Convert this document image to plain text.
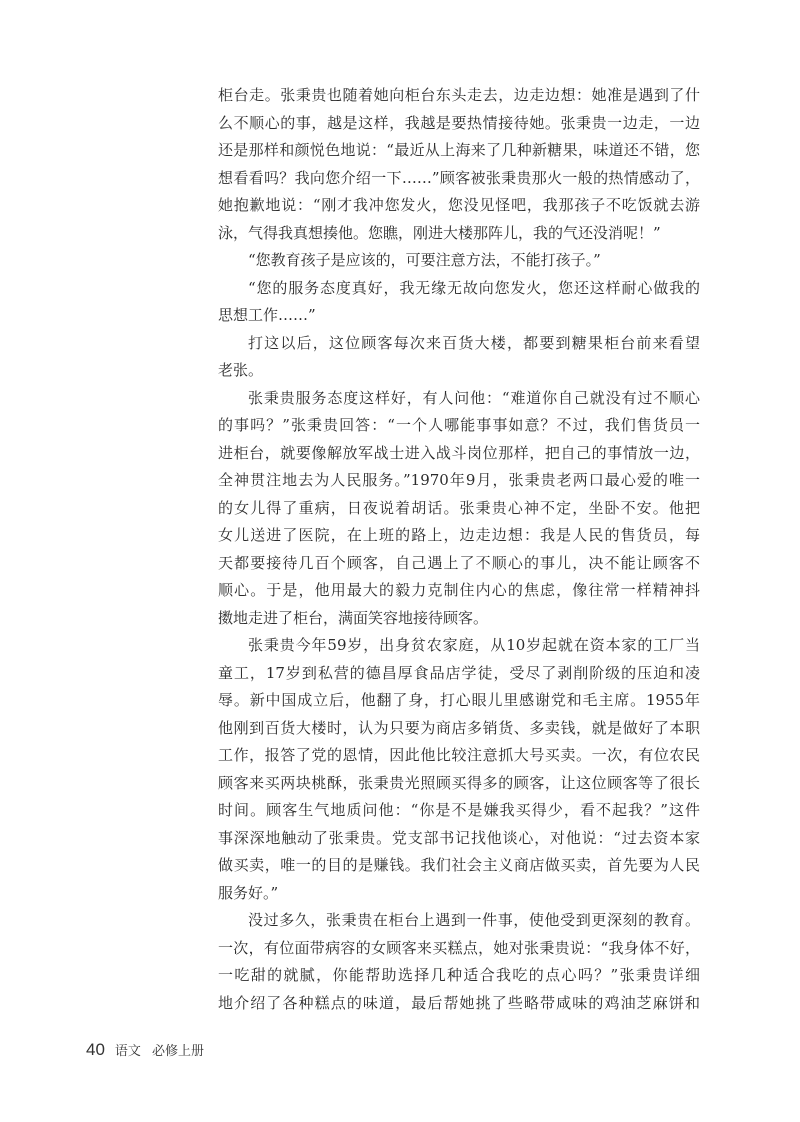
柜台走。张秉贵也随着她向柜台东头走去，边走边想：她准是遇到了什
么不顺心的事，越是这样，我越是要热情接待她。张秉贵一边走，一边
还是那样和颜悦色地说：“最近从上海来了几种新糖果，味道还不错，您
想看看吗？我向您介绍一下……”顾客被张秉贵那火一般的热情感动了，
她抱歉地说：“刚才我冲您发火，您没见怪吧，我那孩子不吃饭就去游
泳，气得我真想揍他。您瞧，刚进大楼那阵儿，我的气还没消呢！”
“您教育孩子是应该的，可要注意方法，不能打孩子。”
“您的服务态度真好，我无缘无故向您发火，您还这样耐心做我的
思想工作……”
打这以后，这位顾客每次来百货大楼，都要到糖果柜台前来看望
老张。
张秉贵服务态度这样好，有人问他：“难道你自己就没有过不顺心
的事吗？”张秉贵回答：“一个人哪能事事如意？不过，我们售货员一
进柜台，就要像解放军战士进入战斗岗位那样，把自己的事情放一边，
全神贯注地去为人民服务。”1970年9月，张秉贵老两口最心爱的唯一
的女儿得了重病，日夜说着胡话。张秉贵心神不定，坐卧不安。他把
女儿送进了医院，在上班的路上，边走边想：我是人民的售货员，每
天都要接待几百个顾客，自己遇上了不顺心的事儿，决不能让顾客不
顺心。于是，他用最大的毅力克制住内心的焦虑，像往常一样精神抖
擞地走进了柜台，满面笑容地接待顾客。
张秉贵今年59岁，出身贫农家庭，从10岁起就在资本家的工厂当
童工，17岁到私营的德昌厚食品店学徒，受尽了剥削阶级的压迫和凌
辱。新中国成立后，他翻了身，打心眼儿里感谢党和毛主席。1955年
他刚到百货大楼时，认为只要为商店多销货、多卖钱，就是做好了本职
工作，报答了党的恩情，因此他比较注意抓大号买卖。一次，有位农民
顾客来买两块桃酥，张秉贵光照顾买得多的顾客，让这位顾客等了很长
时间。顾客生气地质问他：“你是不是嫌我买得少，看不起我？”这件
事深深地触动了张秉贵。党支部书记找他谈心，对他说：“过去资本家
做买卖，唯一的目的是赚钱。我们社会主义商店做买卖，首先要为人民
服务好。”
没过多久，张秉贵在柜台上遇到一件事，使他受到更深刻的教育。
一次，有位面带病容的女顾客来买糕点，她对张秉贵说：“我身体不好，
一吃甜的就腻，你能帮助选择几种适合我吃的点心吗？”张秉贵详细
地介绍了各种糕点的味道，最后帮她挑了些略带咸味的鸡油芝麻饼和
40 语文 必修上册
